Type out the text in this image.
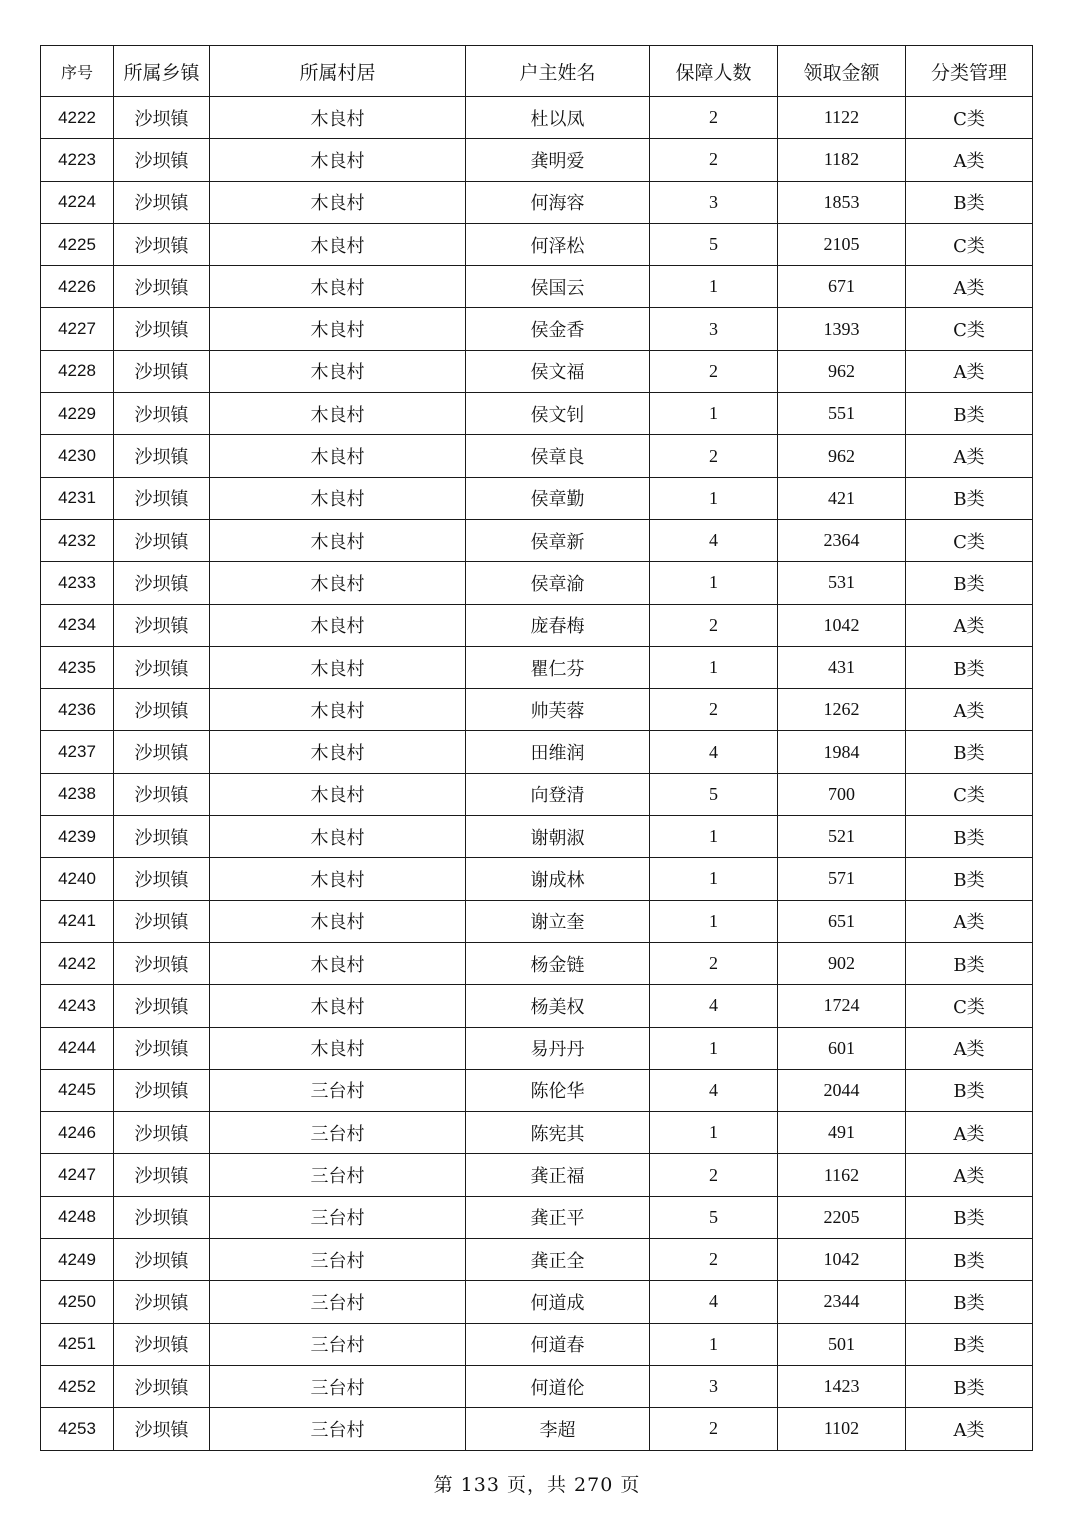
序号	所属乡镇	所属村居	户主姓名	保障人数	领取金额	分类管理
4222	沙坝镇	木良村	杜以凤	2	1122	C类
4223	沙坝镇	木良村	龚明爱	2	1182	A类
4224	沙坝镇	木良村	何海容	3	1853	B类
4225	沙坝镇	木良村	何泽松	5	2105	C类
4226	沙坝镇	木良村	侯国云	1	671	A类
4227	沙坝镇	木良村	侯金香	3	1393	C类
4228	沙坝镇	木良村	侯文福	2	962	A类
4229	沙坝镇	木良村	侯文钊	1	551	B类
4230	沙坝镇	木良村	侯章良	2	962	A类
4231	沙坝镇	木良村	侯章勤	1	421	B类
4232	沙坝镇	木良村	侯章新	4	2364	C类
4233	沙坝镇	木良村	侯章渝	1	531	B类
4234	沙坝镇	木良村	庞春梅	2	1042	A类
4235	沙坝镇	木良村	瞿仁芬	1	431	B类
4236	沙坝镇	木良村	帅芙蓉	2	1262	A类
4237	沙坝镇	木良村	田维润	4	1984	B类
4238	沙坝镇	木良村	向登清	5	700	C类
4239	沙坝镇	木良村	谢朝淑	1	521	B类
4240	沙坝镇	木良村	谢成林	1	571	B类
4241	沙坝镇	木良村	谢立奎	1	651	A类
4242	沙坝镇	木良村	杨金链	2	902	B类
4243	沙坝镇	木良村	杨美权	4	1724	C类
4244	沙坝镇	木良村	易丹丹	1	601	A类
4245	沙坝镇	三台村	陈伦华	4	2044	B类
4246	沙坝镇	三台村	陈宪其	1	491	A类
4247	沙坝镇	三台村	龚正福	2	1162	A类
4248	沙坝镇	三台村	龚正平	5	2205	B类
4249	沙坝镇	三台村	龚正全	2	1042	B类
4250	沙坝镇	三台村	何道成	4	2344	B类
4251	沙坝镇	三台村	何道春	1	501	B类
4252	沙坝镇	三台村	何道伦	3	1423	B类
4253	沙坝镇	三台村	李超	2	1102	A类
第 133 页，共 270 页
